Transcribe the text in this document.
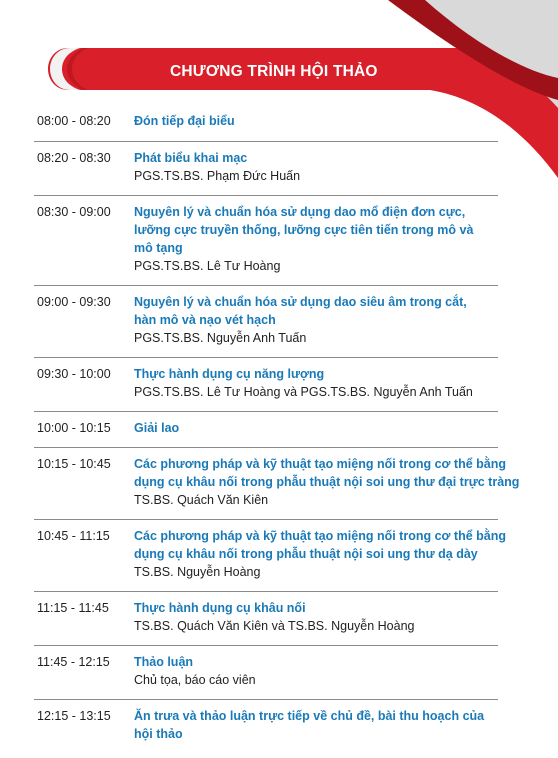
CHƯƠNG TRÌNH HỘI THẢO
08:00 - 08:20	Đón tiếp đại biểu
08:20 - 08:30	Phát biểu khai mạc
PGS.TS.BS. Phạm Đức Huấn
08:30 - 09:00	Nguyên lý và chuẩn hóa sử dụng dao mổ điện đơn cực,
lưỡng cực truyền thống, lưỡng cực tiên tiến trong mô và
mô tạng
PGS.TS.BS. Lê Tư Hoàng
09:00 - 09:30	Nguyên lý và chuẩn hóa sử dụng dao siêu âm trong cắt,
hàn mô và nạo vét hạch
PGS.TS.BS. Nguyễn Anh Tuấn
09:30 - 10:00	Thực hành dụng cụ năng lượng
PGS.TS.BS. Lê Tư Hoàng và PGS.TS.BS. Nguyễn Anh Tuấn
10:00 - 10:15	Giải lao
10:15 - 10:45	Các phương pháp và kỹ thuật tạo miệng nối trong cơ thể bằng
dụng cụ khâu nối trong phẫu thuật nội soi ung thư đại trực tràng
TS.BS. Quách Văn Kiên
10:45 - 11:15	Các phương pháp và kỹ thuật tạo miệng nối trong cơ thể bằng
dụng cụ khâu nối trong phẫu thuật nội soi ung thư dạ dày
TS.BS. Nguyễn Hoàng
11:15 - 11:45	Thực hành dụng cụ khâu nối
TS.BS. Quách Văn Kiên và TS.BS. Nguyễn Hoàng
11:45 - 12:15	Thảo luận
Chủ tọa, báo cáo viên
12:15 - 13:15	Ăn trưa và thảo luận trực tiếp về chủ đề, bài thu hoạch của
hội thảo
